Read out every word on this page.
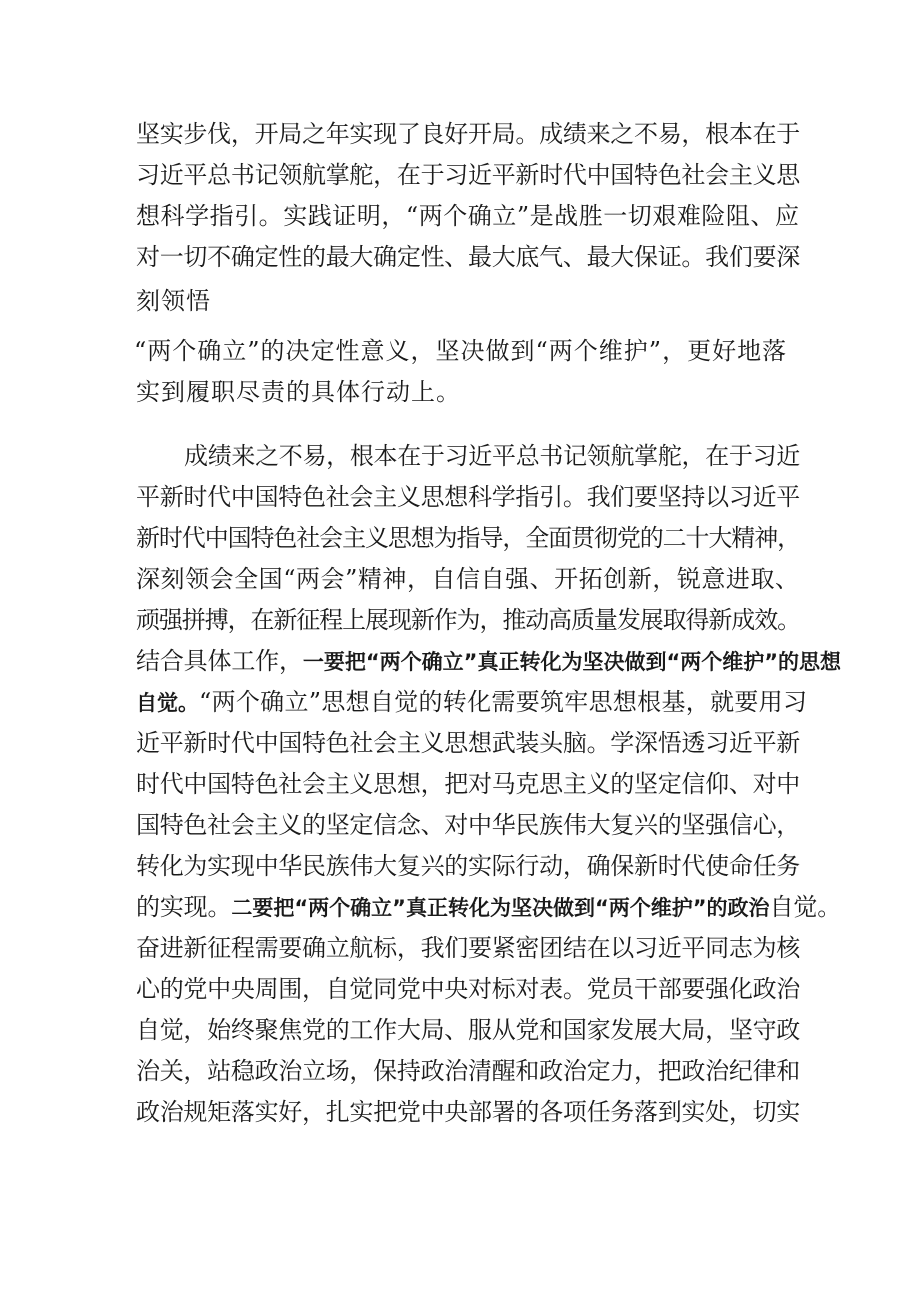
坚实步伐，开局之年实现了良好开局。成绩来之不易，根本在于

习近平总书记领航掌舵，在于习近平新时代中国特色社会主义思

想科学指引。实践证明，“两个确立”是战胜一切艰难险阻、应

对一切不确定性的最大确定性、最大底气、最大保证。我们要深

刻领悟

“两个确立”的决定性意义，坚决做到“两个维护”，更好地落

实到履职尽责的具体行动上。

成绩来之不易，根本在于习近平总书记领航掌舵，在于习近

平新时代中国特色社会主义思想科学指引。我们要坚持以习近平

新时代中国特色社会主义思想为指导，全面贯彻党的二十大精神，

深刻领会全国“两会”精神，自信自强、开拓创新，锐意进取、

顽强拼搏，在新征程上展现新作为，推动高质量发展取得新成效。

结合具体工作，一要把“两个确立”真正转化为坚决做到“两个维护”的思想

自觉。“两个确立”思想自觉的转化需要筑牢思想根基，就要用习

近平新时代中国特色社会主义思想武装头脑。学深悟透习近平新

时代中国特色社会主义思想，把对马克思主义的坚定信仰、对中

国特色社会主义的坚定信念、对中华民族伟大复兴的坚强信心，

转化为实现中华民族伟大复兴的实际行动，确保新时代使命任务

的实现。二要把“两个确立”真正转化为坚决做到“两个维护”的政治自觉。

奋进新征程需要确立航标，我们要紧密团结在以习近平同志为核

心的党中央周围，自觉同党中央对标对表。党员干部要强化政治

自觉，始终聚焦党的工作大局、服从党和国家发展大局，坚守政

治关，站稳政治立场，保持政治清醒和政治定力，把政治纪律和

政治规矩落实好，扎实把党中央部署的各项任务落到实处，切实
